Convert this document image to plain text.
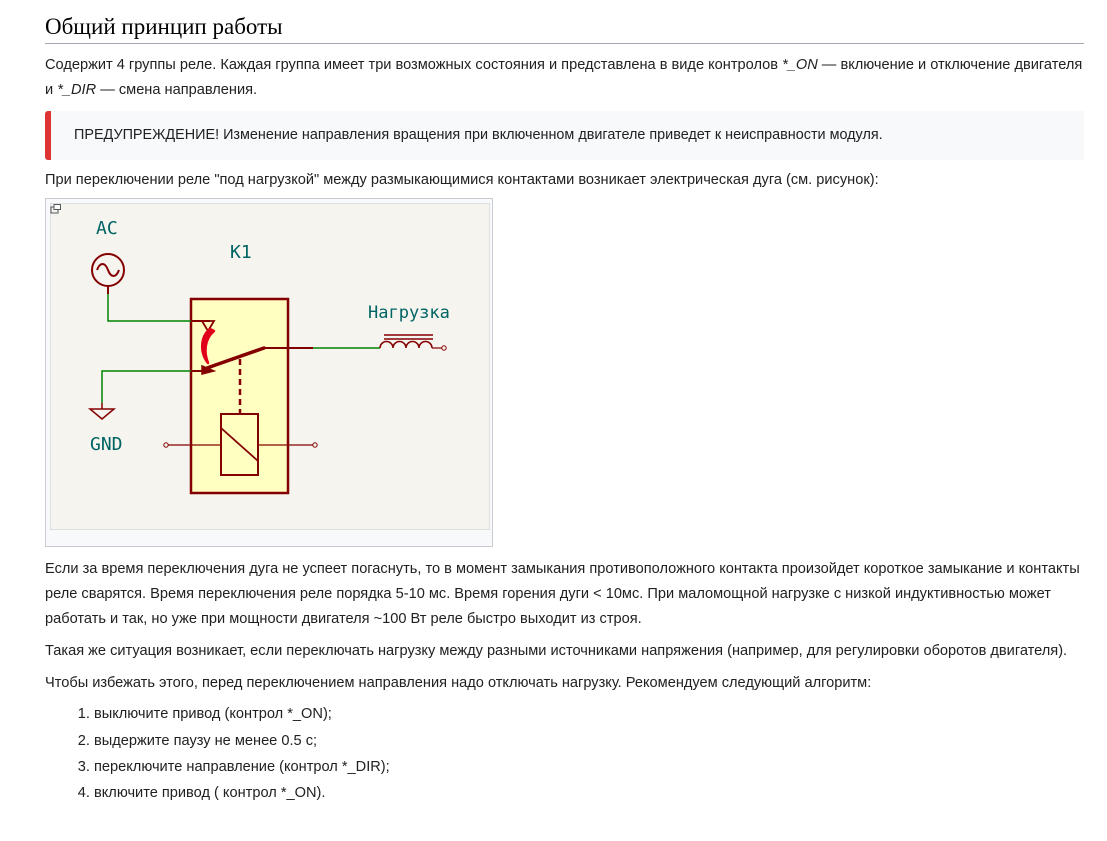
Общий принцип работы

Содержит 4 группы реле. Каждая группа имеет три возможных состояния и представлена в виде контролов *_ON — включение и отключение двигателя и *_DIR — смена направления.

ПРЕДУПРЕЖДЕНИЕ! Изменение направления вращения при включенном двигателе приведет к неисправности модуля.

При переключении реле "под нагрузкой" между размыкающимися контактами возникает электрическая дуга (см. рисунок):

AC
K1
GND
Нагрузка

Если за время переключения дуга не успеет погаснуть, то в момент замыкания противоположного контакта произойдет короткое замыкание и контакты реле сварятся. Время переключения реле порядка 5-10 мс. Время горения дуги < 10мс. При маломощной нагрузке с низкой индуктивностью может работать и так, но уже при мощности двигателя ~100 Вт реле быстро выходит из строя.

Такая же ситуация возникает, если переключать нагрузку между разными источниками напряжения (например, для регулировки оборотов двигателя).

Чтобы избежать этого, перед переключением направления надо отключать нагрузку. Рекомендуем следующий алгоритм:

1. выключите привод (контрол *_ON);
2. выдержите паузу не менее 0.5 с;
3. переключите направление (контрол *_DIR);
4. включите привод ( контрол *_ON).
